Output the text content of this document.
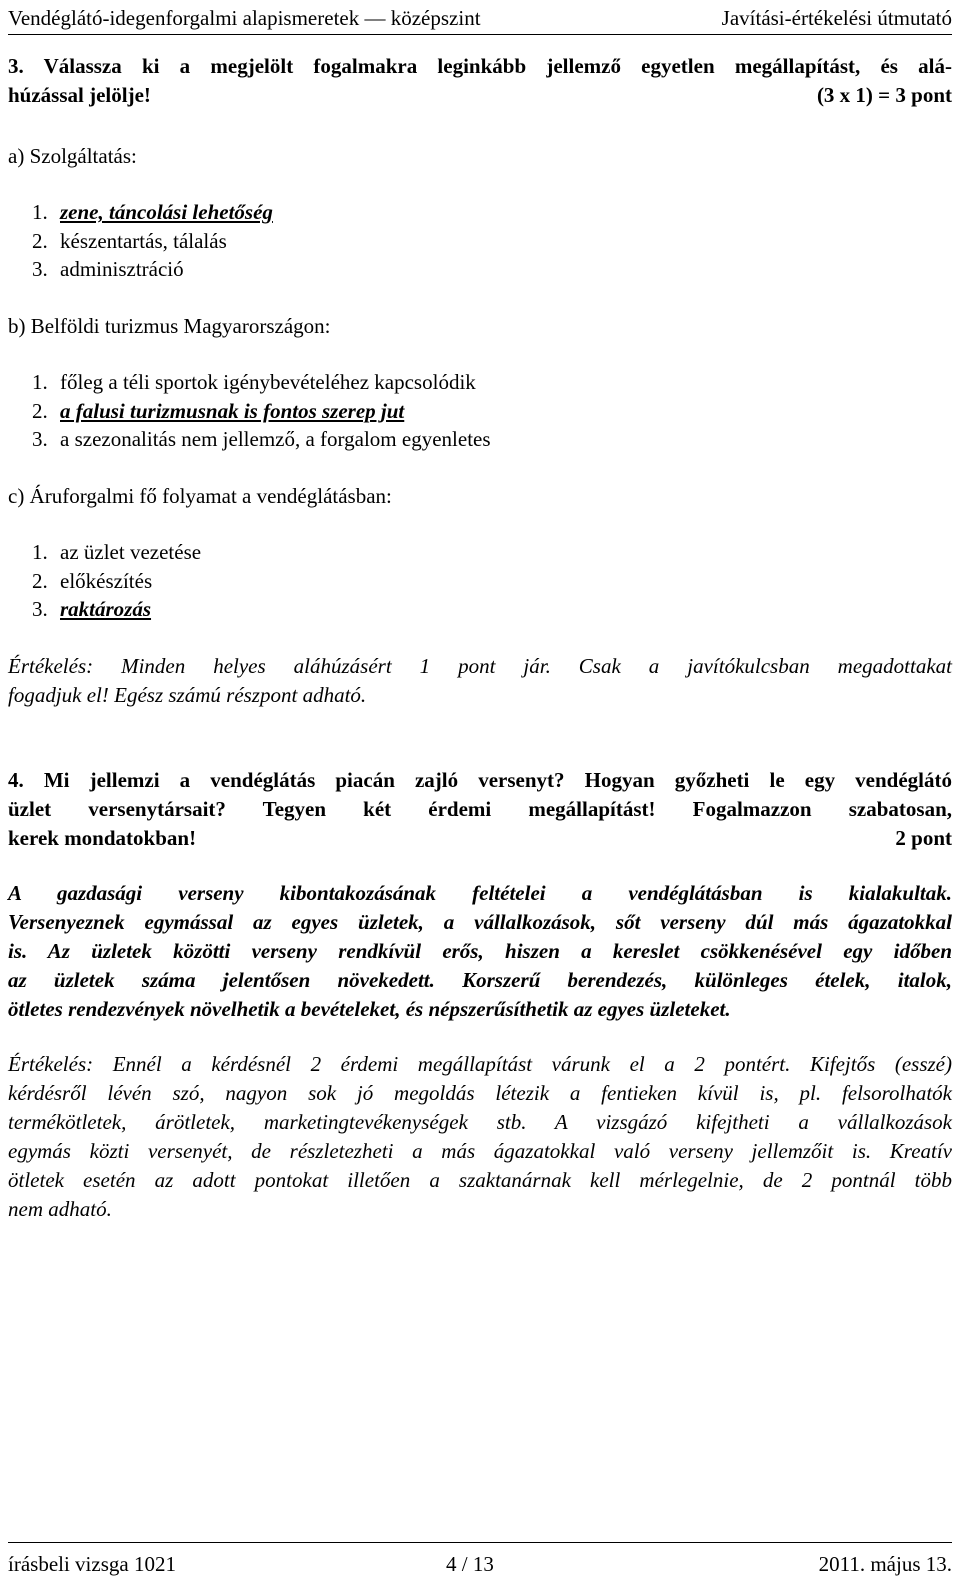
Vendéglátó-idegenforgalmi alapismeretek — középszint	Javítási-értékelési útmutató
3. Válassza ki a megjelölt fogalmakra leginkább jellemző egyetlen megállapítást, és alá-
húzással jelölje!	(3 x 1) = 3 pont
a) Szolgáltatás:
1. zene, táncolási lehetőség
2. készentartás, tálalás
3. adminisztráció
b) Belföldi turizmus Magyarországon:
1. főleg a téli sportok igénybevételéhez kapcsolódik
2. a falusi turizmusnak is fontos szerep jut
3. a szezonalitás nem jellemző, a forgalom egyenletes
c) Áruforgalmi fő folyamat a vendéglátásban:
1. az üzlet vezetése
2. előkészítés
3. raktározás
Értékelés: Minden helyes aláhúzásért 1 pont jár. Csak a javítókulcsban megadottakat
fogadjuk el! Egész számú részpont adható.
4. Mi jellemzi a vendéglátás piacán zajló versenyt? Hogyan győzheti le egy vendéglátó
üzlet versenytársait? Tegyen két érdemi megállapítást! Fogalmazzon szabatosan,
kerek mondatokban!	2 pont
A gazdasági verseny kibontakozásának feltételei a vendéglátásban is kialakultak.
Versenyeznek egymással az egyes üzletek, a vállalkozások, sőt verseny dúl más ágazatokkal
is. Az üzletek közötti verseny rendkívül erős, hiszen a kereslet csökkenésével egy időben
az üzletek száma jelentősen növekedett. Korszerű berendezés, különleges ételek, italok,
ötletes rendezvények növelhetik a bevételeket, és népszerűsíthetik az egyes üzleteket.
Értékelés: Ennél a kérdésnél 2 érdemi megállapítást várunk el a 2 pontért. Kifejtős (esszé)
kérdésről lévén szó, nagyon sok jó megoldás létezik a fentieken kívül is, pl. felsorolhatók
termékötletek, árötletek, marketingtevékenységek stb. A vizsgázó kifejtheti a vállalkozások
egymás közti versenyét, de részletezheti a más ágazatokkal való verseny jellemzőit is. Kreatív
ötletek esetén az adott pontokat illetően a szaktanárnak kell mérlegelnie, de 2 pontnál több
nem adható.
írásbeli vizsga 1021	4 / 13	2011. május 13.
